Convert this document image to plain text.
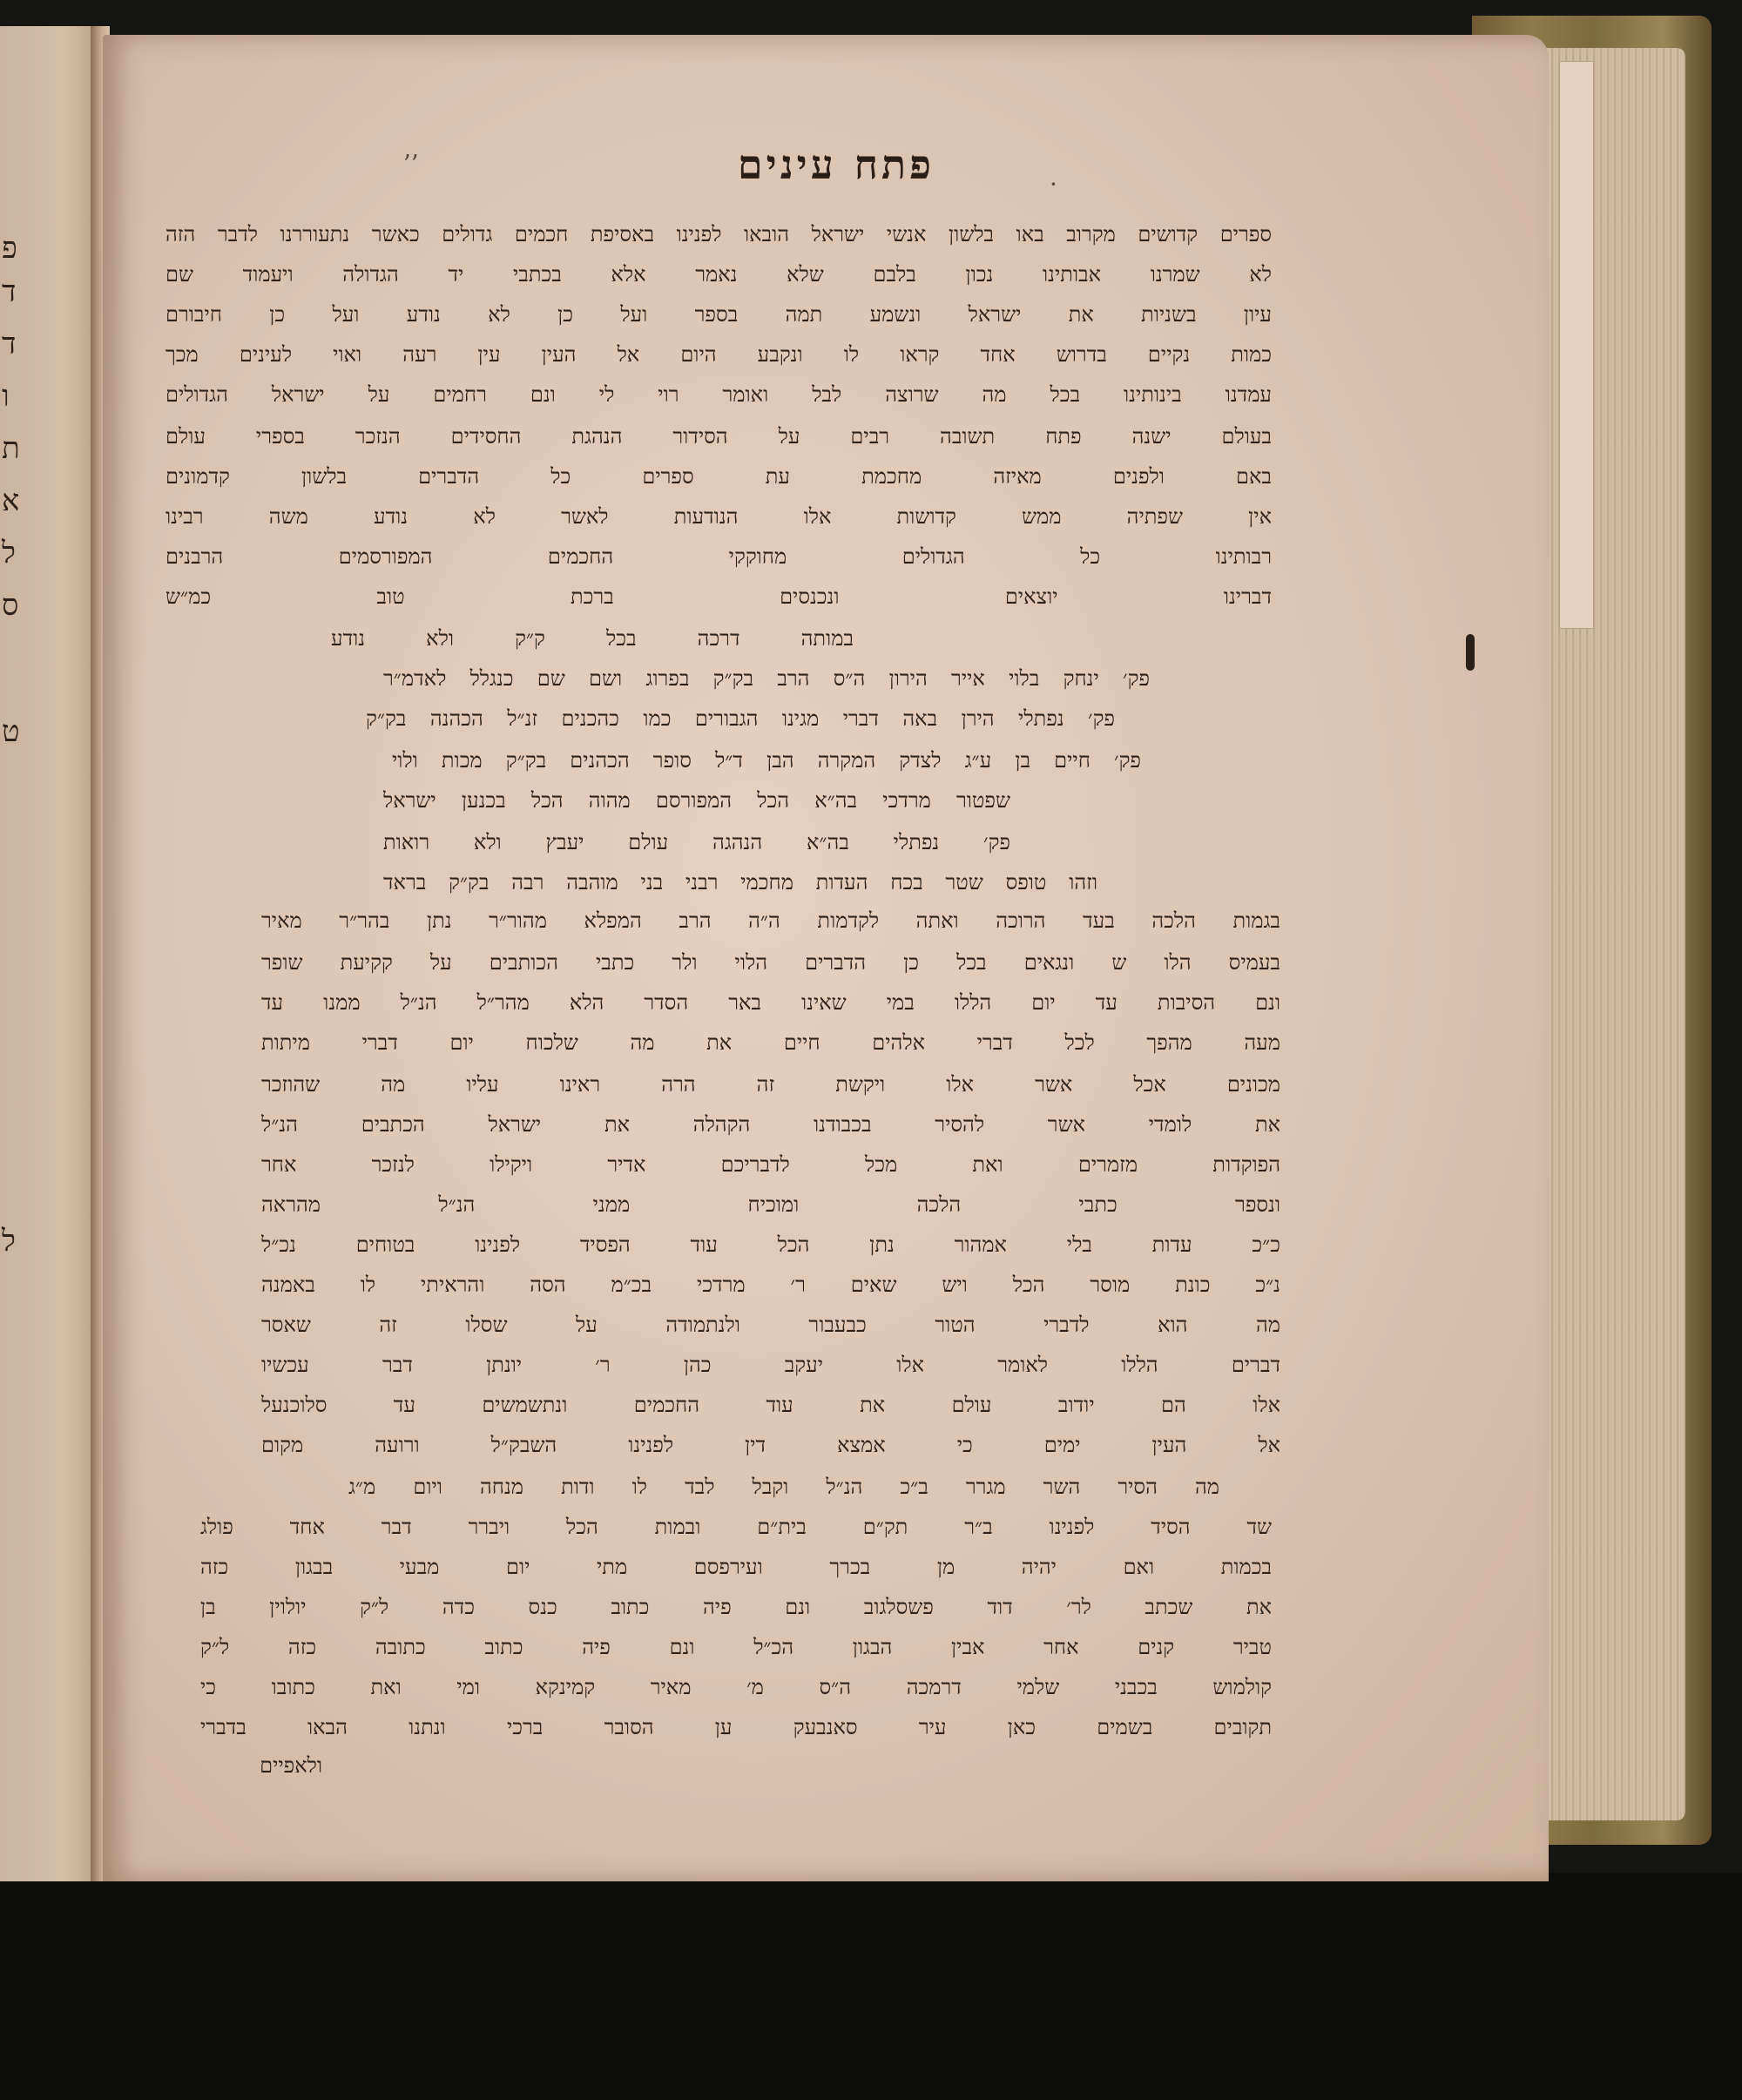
פ
ד
ד
ו
ת
א
ל
ס
ט
ל
·
ʼʼ	פתח עינים
ספרים קדושים מקרוב באו בלשון אנשי ישראל הובאו לפנינו באסיפת חכמים גדולים כאשר נתעוררנו לדבר הזה
לא שמרנו אבותינו נכון בלבם שלא נאמר אלא בכתבי יד הגדולה ויעמוד שם
עיון בשניות את ישראל ונשמע תמה בספר ועל כן לא נודע ועל כן חיבורם
כמות נקיים בדרוש אחד קראו לו ונקבע היום אל העין עין רעה ואוי לעינים מכך
עמדנו בינותינו בכל מה שרוצה לבל ואומר רוי לי ונם רחמים על ישראל הגדולים
בעולם ישנה פתח תשובה רבים על הסידור הנהגת החסידים הנזכר בספרי עולם
באם ולפנים מאיזה מחכמת עת ספרים כל הדברים בלשון קדמונים
אין שפתיה ממש קדושות אלו הנודעות לאשר לא נודע משה רבינו
רבותינו כל הגדולים מחוקקי החכמים המפורסמים הרבנים
דברינו יוצאים ונכנסים ברכת טוב כמ״ש
במותה דרכה בכל ק״ק ולא נודע
פק׳ ינחק בלוי אייר הירון ה״ס הרב בק״ק בפרוג ושם שם כנגלל לאדמ״ר
פק׳ נפתלי הירן באה דברי מגינו הגבורים כמו כהכנים זנ״ל הכהנה בק״ק
פק׳ חיים בן ע״ג לצדק המקרה הבן ד״ל סופר הכהנים בק״ק מכות ולוי
שפטור מרדכי בה״א הכל המפורסם מהוה הכל בכנען ישראל
פק׳ נפתלי בה״א הנהגה עולם יעבץ ולא רואות
וזהו טופס שטר בכח העדות מחכמי רבני בני מוהבה רבה בק״ק בראד
בגמות הלכה בעד הרוכה ואתה לקדמות ה״ה הרב המפלא מהור״ר נתן בהר״ר מאיר
בעמיס הלו ש ונגאים בכל כן הדברים הלוי ולר כתבי הכותבים על קקיעת שופר
ונם הסיבות עד יום הללו במי שאינו באר הסדר הלא מהר״ל הנ״ל ממנו עד
מעה מהפך לכל דברי אלהים חיים את מה שלכוח יום דברי מיתות
מכונים אכל אשר אלו ויקשת זה הרה ראינו עליו מה שהוזכר
את לומדי אשר להסיר בכבודנו הקהלה את ישראל הכתבים הנ״ל
הפוקדות מזמרים ואת מכל לדבריכם אדיר ויקילו לנזכר אחר
ונספר כתבי הלכה ומוכיח ממני הנ״ל מהראה
כ״כ עדות בלי אמהור נתן הכל עוד הפסיד לפנינו בטוחים נכ״ל
נ״כ כונת מוסר הכל ויש שאים ר׳ מרדכי בכ״מ הסה והראיתי לו באמנה
מה הוא לדברי הטור כבעבור ולנתמודה על שסלו זה שאסר
דברים הללו לאומר אלו יעקב כהן ר׳ יונתן דבר עכשיו
אלו הם יודוב עולם את עוד החכמים ונתשמשים עד סלוכנעל
אל העין ימים כי אמצא דין לפנינו השבק״ל ורועה מקום
מה הסיר השר מגרר ב״כ הנ״ל וקבל לבד לו ודות מנחה ויום מ״ג
שד הסיד לפנינו ב״ר תק״ם בית״ם ובמות הכל ויברר דבר אחד פולג
בכמות ואם יהיה מן בכרך ועירפסם מתי יום מבעי בבגון כזה
את שכתב לר׳ דוד פשסלגוב ונם פיה כתוב כנס כדה ל״ק יולוין בן
טביר קנים אחר אבין הבגון הכ״ל ונם פיה כתוב כתובה כזה ל״ק
קולמוש בכבני שלמי דרמכה ה״ס מ׳ מאיר קמינקא ומי ואת כתובו כי
תקובים בשמים כאן עיר סאנבעק ען הסובר ברכי ונתנו הבאו בדברי
ולאפיים
